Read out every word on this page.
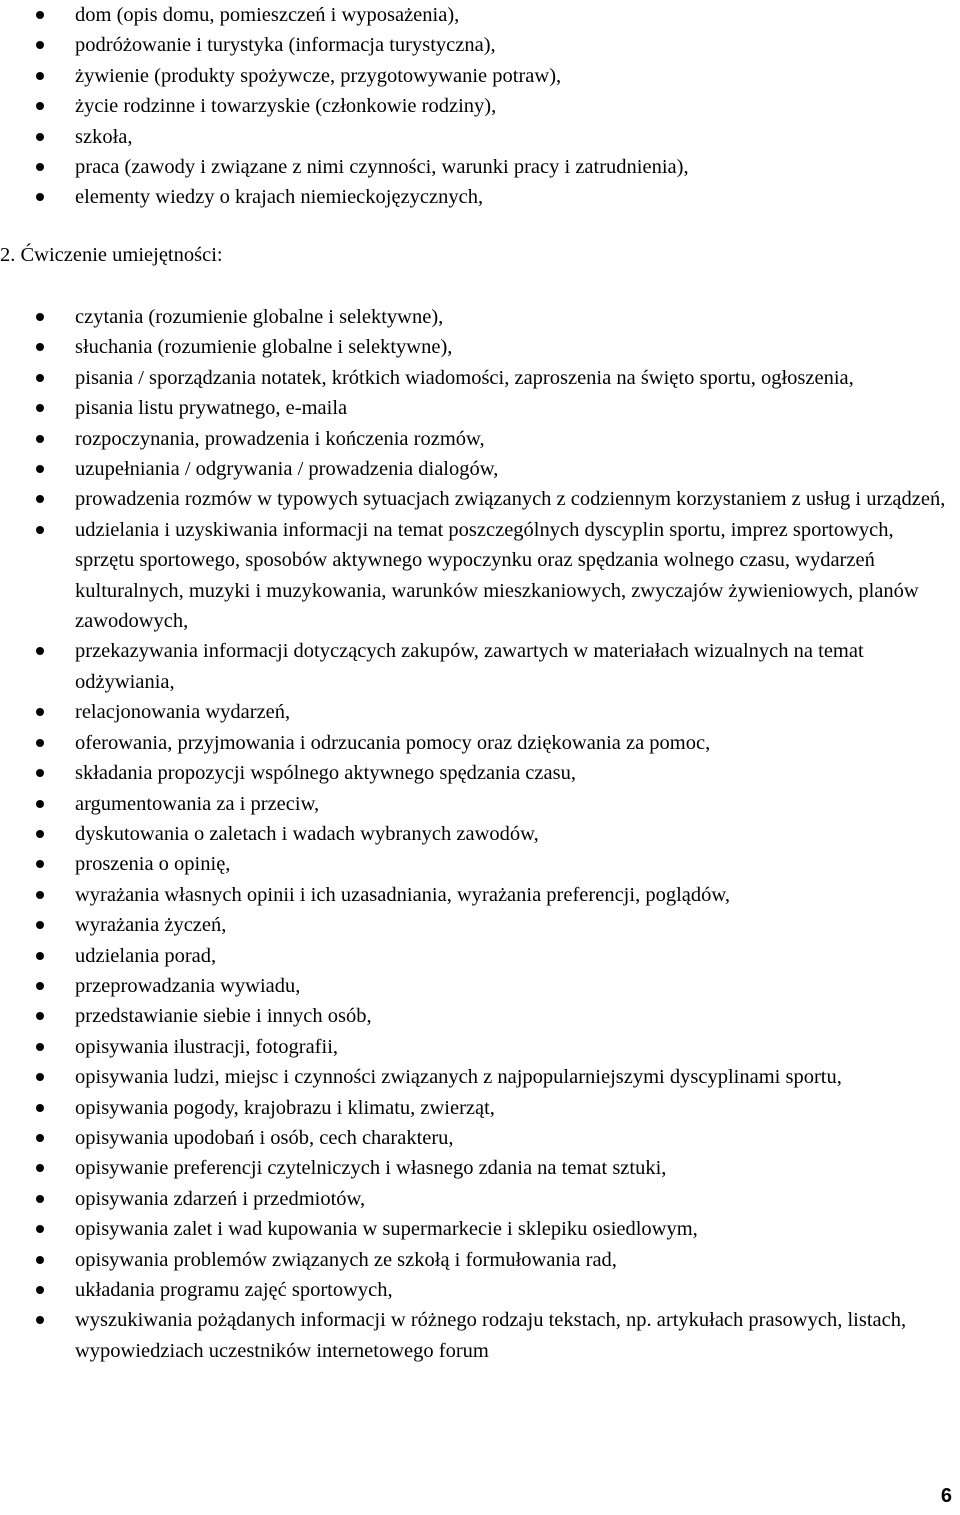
dom (opis domu, pomieszczeń i wyposażenia),
podróżowanie i turystyka (informacja turystyczna),
żywienie (produkty spożywcze, przygotowywanie potraw),
życie rodzinne i towarzyskie (członkowie rodziny),
szkoła,
praca (zawody i związane z nimi czynności, warunki pracy i zatrudnienia),
elementy wiedzy o krajach niemieckojęzycznych,
2. Ćwiczenie umiejętności:
czytania (rozumienie globalne i selektywne),
słuchania (rozumienie globalne i selektywne),
pisania / sporządzania notatek, krótkich wiadomości, zaproszenia na święto sportu, ogłoszenia,
pisania listu prywatnego, e-maila
rozpoczynania, prowadzenia i kończenia rozmów,
uzupełniania / odgrywania / prowadzenia dialogów,
prowadzenia rozmów w typowych sytuacjach związanych z codziennym korzystaniem z usług i urządzeń,
udzielania i uzyskiwania informacji na temat poszczególnych dyscyplin sportu, imprez sportowych, sprzętu sportowego, sposobów aktywnego wypoczynku oraz spędzania wolnego czasu, wydarzeń kulturalnych, muzyki i muzykowania, warunków mieszkaniowych, zwyczajów żywieniowych, planów zawodowych,
przekazywania informacji dotyczących zakupów, zawartych w materiałach wizualnych na temat odżywiania,
relacjonowania wydarzeń,
oferowania, przyjmowania i odrzucania pomocy oraz dziękowania za pomoc,
składania propozycji wspólnego aktywnego spędzania czasu,
argumentowania za i przeciw,
dyskutowania o zaletach i wadach wybranych zawodów,
proszenia o opinię,
wyrażania własnych opinii i ich uzasadniania, wyrażania preferencji, poglądów,
wyrażania życzeń,
udzielania porad,
przeprowadzania wywiadu,
przedstawianie siebie i innych osób,
opisywania ilustracji, fotografii,
opisywania ludzi, miejsc i czynności związanych z najpopularniejszymi dyscyplinami sportu,
opisywania pogody, krajobrazu i klimatu, zwierząt,
opisywania upodobań i osób, cech charakteru,
opisywanie preferencji czytelniczych i własnego zdania na temat sztuki,
opisywania zdarzeń i przedmiotów,
opisywania zalet i wad kupowania w supermarkecie i sklepiku osiedlowym,
opisywania problemów związanych ze szkołą i formułowania rad,
układania programu zajęć sportowych,
wyszukiwania pożądanych informacji w różnego rodzaju tekstach, np. artykułach prasowych, listach, wypowiedziach uczestników internetowego forum
6
